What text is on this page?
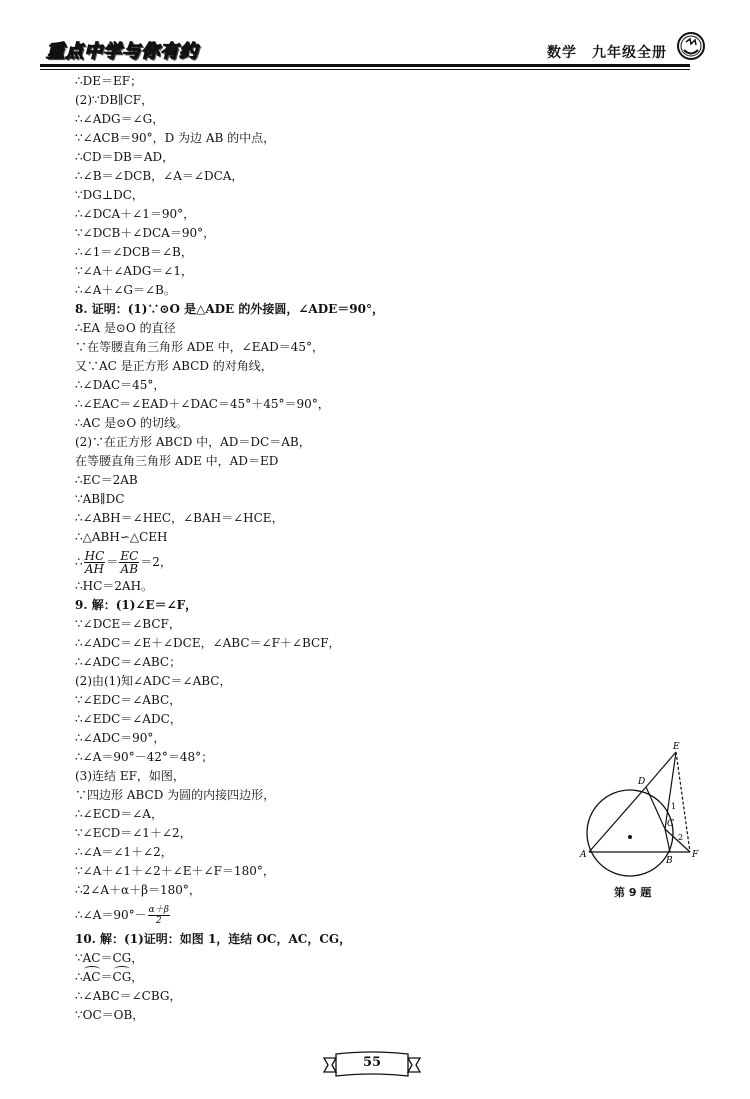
重点中学与你有约	数学　九年级全册
∴DE＝EF；
(2)∵DB∥CF，
∴∠ADG＝∠G，
∵∠ACB＝90°，D 为边 AB 的中点，
∴CD＝DB＝AD，
∴∠B＝∠DCB，∠A＝∠DCA，
∵DG⊥DC，
∴∠DCA＋∠1＝90°，
∵∠DCB＋∠DCA＝90°，
∴∠1＝∠DCB＝∠B，
∵∠A＋∠ADG＝∠1，
∴∠A＋∠G＝∠B。
8. 证明：(1)∵⊙O 是△ADE 的外接圆，∠ADE＝90°，
∴EA 是⊙O 的直径
∵在等腰直角三角形 ADE 中，∠EAD＝45°，
又∵AC 是正方形 ABCD 的对角线，
∴∠DAC＝45°，
∴∠EAC＝∠EAD＋∠DAC＝45°＋45°＝90°，
∴AC 是⊙O 的切线。
(2)∵在正方形 ABCD 中，AD＝DC＝AB，
在等腰直角三角形 ADE 中，AD＝ED
∴EC＝2AB
∵AB∥DC
∴∠ABH＝∠HEC，∠BAH＝∠HCE，
∴△ABH∽△CEH
∴ $\frac{HC}{AH} = \frac{EC}{AB} =2$，
∴HC＝2AH。
9. 解：(1)∠E＝∠F，
∵∠DCE＝∠BCF，
∴∠ADC＝∠E＋∠DCE，∠ABC＝∠F＋∠BCF，
∴∠ADC＝∠ABC；
(2)由(1)知∠ADC＝∠ABC，
∵∠EDC＝∠ABC，
∴∠EDC＝∠ADC，
∴∠ADC＝90°，
∴∠A＝90°－42°＝48°；
(3)连结 EF，如图，
∵四边形 ABCD 为圆的内接四边形，
∴∠ECD＝∠A，
∵∠ECD＝∠1＋∠2，
∴∠A＝∠1＋∠2，
∵∠A＋∠1＋∠2＋∠E＋∠F＝180°，
∴2∠A＋α＋β＝180°，
∴∠A＝90°－ $\frac{\alpha+\beta}{2}$
10. 解：(1)证明：如图 1，连结 OC，AC，CG，
∵AC＝CG，
∴AC＝CG，
∴∠ABC＝∠CBG，
∵OC＝OB，
E
D
C
A
B
F
1
2
第 9 题
55
